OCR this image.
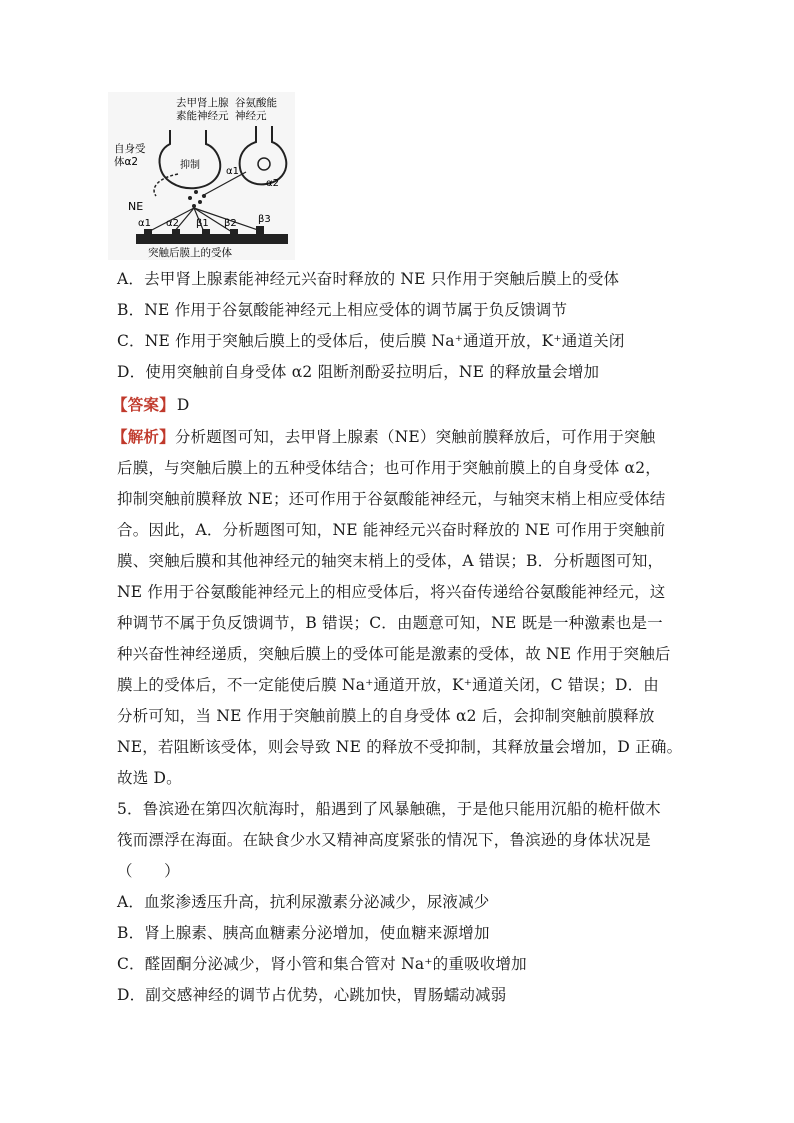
去甲肾上腺
素能神经元
谷氨酸能
神经元
自身受
体α2	抑制
NE
α1
α2
α1 α2 β1 β2 β3
突触后膜上的受体
A．去甲肾上腺素能神经元兴奋时释放的 NE 只作用于突触后膜上的受体
B．NE 作用于谷氨酸能神经元上相应受体的调节属于负反馈调节
C．NE 作用于突触后膜上的受体后，使后膜 Na⁺通道开放，K⁺通道关闭
D．使用突触前自身受体 α2 阻断剂酚妥拉明后，NE 的释放量会增加
【答案】 D
【解析】分析题图可知，去甲肾上腺素（NE）突触前膜释放后，可作用于突触
后膜，与突触后膜上的五种受体结合；也可作用于突触前膜上的自身受体 α2，
抑制突触前膜释放 NE；还可作用于谷氨酸能神经元，与轴突末梢上相应受体结
合。因此，A．分析题图可知，NE 能神经元兴奋时释放的 NE 可作用于突触前
膜、突触后膜和其他神经元的轴突末梢上的受体，A 错误；B．分析题图可知，
NE 作用于谷氨酸能神经元上的相应受体后，将兴奋传递给谷氨酸能神经元，这
种调节不属于负反馈调节，B 错误；C．由题意可知，NE 既是一种激素也是一
种兴奋性神经递质，突触后膜上的受体可能是激素的受体，故 NE 作用于突触后
膜上的受体后，不一定能使后膜 Na⁺通道开放，K⁺通道关闭，C 错误；D．由
分析可知，当 NE 作用于突触前膜上的自身受体 α2 后，会抑制突触前膜释放
NE，若阻断该受体，则会导致 NE 的释放不受抑制，其释放量会增加，D 正确。
故选 D。
5．鲁滨逊在第四次航海时，船遇到了风暴触礁，于是他只能用沉船的桅杆做木
筏而漂浮在海面。在缺食少水又精神高度紧张的情况下，鲁滨逊的身体状况是
（　　）
A．血浆渗透压升高，抗利尿激素分泌减少，尿液减少
B．肾上腺素、胰高血糖素分泌增加，使血糖来源增加
C．醛固酮分泌减少，肾小管和集合管对 Na⁺的重吸收增加
D．副交感神经的调节占优势，心跳加快，胃肠蠕动减弱
